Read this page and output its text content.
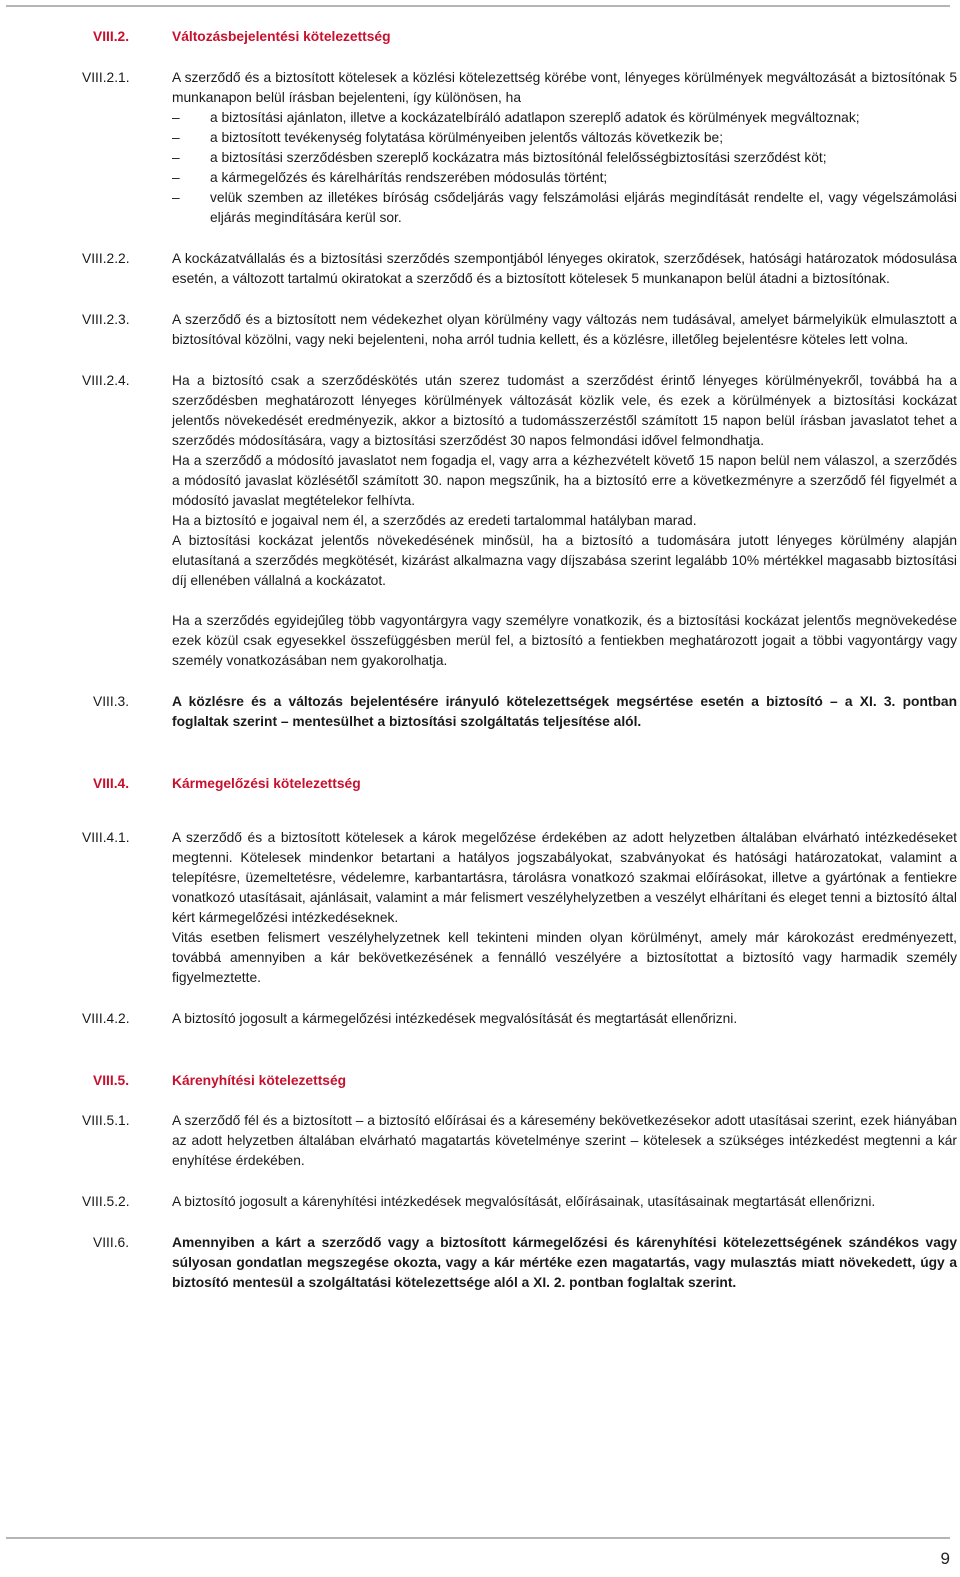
VIII.2.	Változásbejelentési kötelezettség
VIII.2.1.	A szerződő és a biztosított kötelesek a közlési kötelezettség körébe vont, lényeges körülmények megváltozását a biztosítónak 5 munkanapon belül írásban bejelenteni, így különösen, ha

– a biztosítási ajánlaton, illetve a kockázatelbíráló adatlapon szereplő adatok és körülmények megváltoznak;
– a biztosított tevékenység folytatása körülményeiben jelentős változás következik be;
– a biztosítási szerződésben szereplő kockázatra más biztosítónál felelősségbiztosítási szerződést köt;
– a kármegelőzés és kárelhárítás rendszerében módosulás történt;
– velük szemben az illetékes bíróság csődeljárás vagy felszámolási eljárás megindítását rendelte el, vagy végelszámolási eljárás megindítására kerül sor.
VIII.2.2.	A kockázatvállalás és a biztosítási szerződés szempontjából lényeges okiratok, szerződések, hatósági határozatok módosulása esetén, a változott tartalmú okiratokat a szerződő és a biztosított kötelesek 5 munkanapon belül átadni a biztosítónak.
VIII.2.3.	A szerződő és a biztosított nem védekezhet olyan körülmény vagy változás nem tudásával, amelyet bármelyikük elmulasztott a biztosítóval közölni, vagy neki bejelenteni, noha arról tudnia kellett, és a közlésre, illetőleg bejelentésre köteles lett volna.
VIII.2.4.	Ha a biztosító csak a szerződéskötés után szerez tudomást a szerződést érintő lényeges körülményekről, továbbá ha a szerződésben meghatározott lényeges körülmények változását közlik vele, és ezek a körülmények a biztosítási kockázat jelentős növekedését eredményezik, akkor a biztosító a tudomásszerzéstől számított 15 napon belül írásban javaslatot tehet a szerződés módosítására, vagy a biztosítási szerződést 30 napos felmondási idővel felmondhatja.

Ha a szerződő a módosító javaslatot nem fogadja el, vagy arra a kézhezvételt követő 15 napon belül nem válaszol, a szerződés a módosító javaslat közlésétől számított 30. napon megszűnik, ha a biztosító erre a következményre a szerződő fél figyelmét a módosító javaslat megtételekor felhívta.

Ha a biztosító e jogaival nem él, a szerződés az eredeti tartalommal hatályban marad.

A biztosítási kockázat jelentős növekedésének minősül, ha a biztosító a tudomására jutott lényeges körülmény alapján elutasítaná a szerződés megkötését, kizárást alkalmazna vagy díjszabása szerint legalább 10% mértékkel magasabb biztosítási díj ellenében vállalná a kockázatot.

Ha a szerződés egyidejűleg több vagyontárgyra vagy személyre vonatkozik, és a biztosítási kockázat jelentős megnövekedése ezek közül csak egyesekkel összefüggésben merül fel, a biztosító a fentiekben meghatározott jogait a többi vagyontárgy vagy személy vonatkozásában nem gyakorolhatja.

VIII.3.	A közlésre és a változás bejelentésére irányuló kötelezettségek megsértése esetén a biztosító – a XI. 3. pontban foglaltak szerint – mentesülhet a biztosítási szolgáltatás teljesítése alól.
VIII.4.	Kármegelőzési kötelezettség
VIII.4.1.	A szerződő és a biztosított kötelesek a károk megelőzése érdekében az adott helyzetben általában elvárható intézkedéseket megtenni. Kötelesek mindenkor betartani a hatályos jogszabályokat, szabványokat és hatósági határozatokat, valamint a telepítésre, üzemeltetésre, védelemre, karbantartásra, tárolásra vonatkozó szakmai előírásokat, illetve a gyártónak a fentiekre vonatkozó utasításait, ajánlásait, valamint a már felismert veszélyhelyzetben a veszélyt elhárítani és eleget tenni a biztosító által kért kármegelőzési intézkedéseknek.

Vitás esetben felismert veszélyhelyzetnek kell tekinteni minden olyan körülményt, amely már károkozást eredményezett, továbbá amennyiben a kár bekövetkezésének a fennálló veszélyére a biztosítottat a biztosító vagy harmadik személy figyelmeztette.

VIII.4.2.	A biztosító jogosult a kármegelőzési intézkedések megvalósítását és megtartását ellenőrizni.
VIII.5.	Kárenyhítési kötelezettség
VIII.5.1.	A szerződő fél és a biztosított – a biztosító előírásai és a káresemény bekövetkezésekor adott utasításai szerint, ezek hiányában az adott helyzetben általában elvárható magatartás követelménye szerint – kötelesek a szükséges intézkedést megtenni a kár enyhítése érdekében.
VIII.5.2.	A biztosító jogosult a kárenyhítési intézkedések megvalósítását, előírásainak, utasításainak megtartását ellenőrizni.
VIII.6.	Amennyiben a kárt a szerződő vagy a biztosított kármegelőzési és kárenyhítési kötelezettségének szándékos vagy súlyosan gondatlan megszegése okozta, vagy a kár mértéke ezen magatartás, vagy mulasztás miatt növekedett, úgy a biztosító mentesül a szolgáltatási kötelezettsége alól a XI. 2. pontban foglaltak szerint.
9
